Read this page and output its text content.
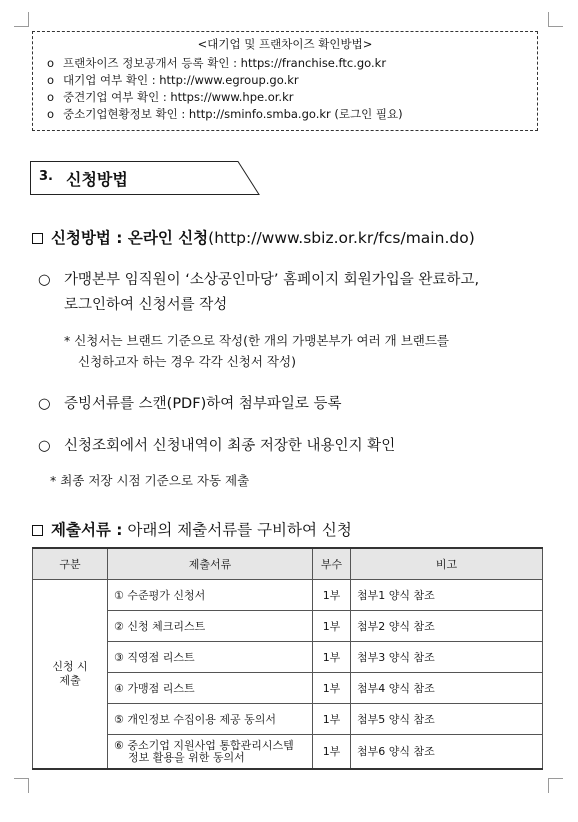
<대기업 및 프랜차이즈 확인방법>
o 프랜차이즈 정보공개서 등록 확인 : https://franchise.ftc.go.kr
o 대기업 여부 확인 : http://www.egroup.go.kr
o 중견기업 여부 확인 : https://www.hpe.or.kr
o 중소기업현황정보 확인 : http://sminfo.smba.go.kr (로그인 필요)
3. 신청방법
신청방법 : 온라인 신청(http://www.sbiz.or.kr/fcs/main.do)
○ 가맹본부 임직원이 ‘소상공인마당’ 홈페이지 회원가입을 완료하고,
로그인하여 신청서를 작성
* 신청서는 브랜드 기준으로 작성(한 개의 가맹본부가 여러 개 브랜드를
신청하고자 하는 경우 각각 신청서 작성)
○ 증빙서류를 스캔(PDF)하여 첨부파일로 등록
○ 신청조회에서 신청내역이 최종 저장한 내용인지 확인
* 최종 저장 시점 기준으로 자동 제출
제출서류 : 아래의 제출서류를 구비하여 신청
구분	제출서류	부수	비고

신청 시
제출	① 수준평가 신청서	1부	첨부1 양식 참조
	② 신청 체크리스트	1부	첨부2 양식 참조
	③ 직영점 리스트	1부	첨부3 양식 참조
	④ 가맹점 리스트	1부	첨부4 양식 참조
	⑤ 개인정보 수집이용 제공 동의서	1부	첨부5 양식 참조

	⑥ 중소기업 지원사업 통합관리시스템
정보 활용을 위한 동의서	1부	첨부6 양식 참조
